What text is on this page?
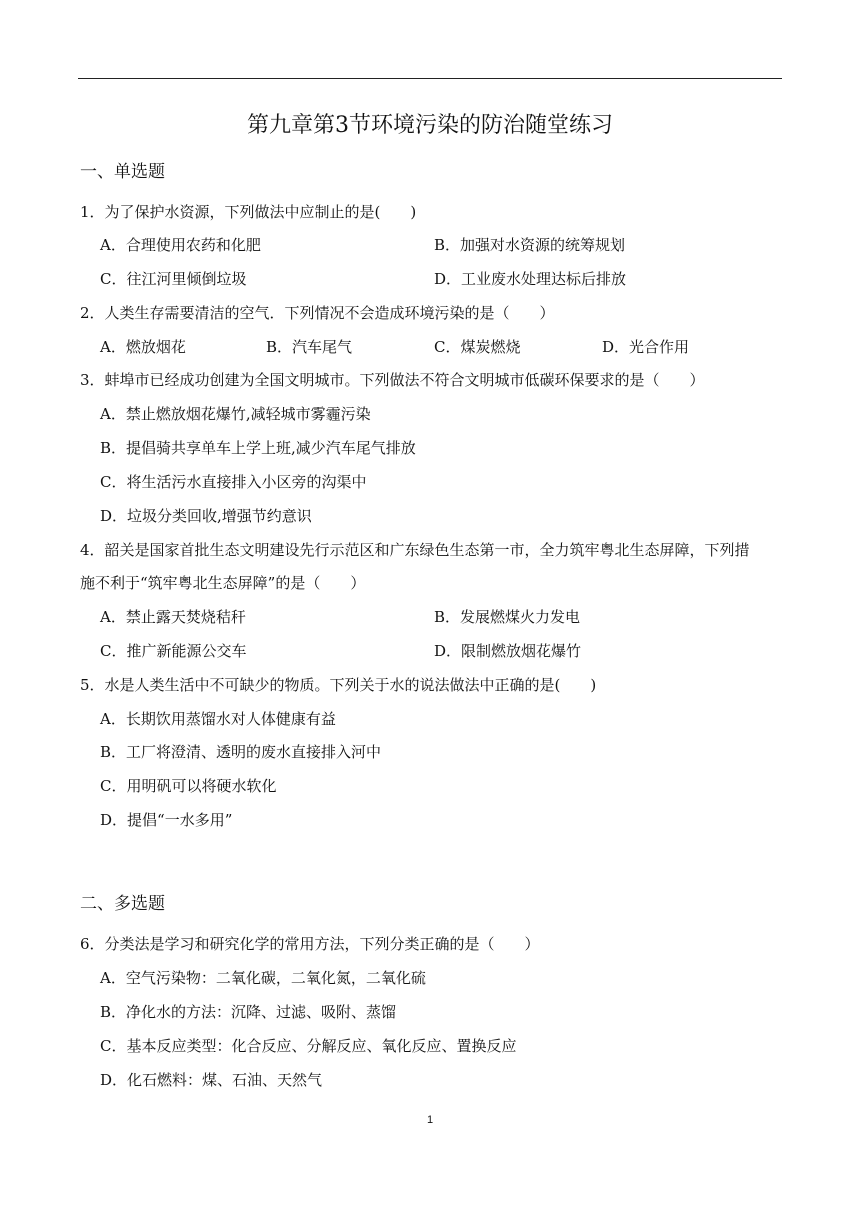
第九章第3节环境污染的防治随堂练习
一、单选题
1．为了保护水资源，下列做法中应制止的是(　　)
A．合理使用农药和化肥	B．加强对水资源的统筹规划
C．往江河里倾倒垃圾	D．工业废水处理达标后排放
2．人类生存需要清洁的空气．下列情况不会造成环境污染的是（　　）
A．燃放烟花	B．汽车尾气	C．煤炭燃烧	D．光合作用
3．蚌埠市已经成功创建为全国文明城市。下列做法不符合文明城市低碳环保要求的是（　　）
A．禁止燃放烟花爆竹,减轻城市雾霾污染
B．提倡骑共享单车上学上班,减少汽车尾气排放
C．将生活污水直接排入小区旁的沟渠中
D．垃圾分类回收,增强节约意识
4．韶关是国家首批生态文明建设先行示范区和广东绿色生态第一市，全力筑牢粤北生态屏障，下列措
施不利于“筑牢粤北生态屏障”的是（　　）
A．禁止露天焚烧秸秆	B．发展燃煤火力发电
C．推广新能源公交车	D．限制燃放烟花爆竹
5．水是人类生活中不可缺少的物质。下列关于水的说法做法中正确的是(　　)
A．长期饮用蒸馏水对人体健康有益
B．工厂将澄清、透明的废水直接排入河中
C．用明矾可以将硬水软化
D．提倡“一水多用”
二、多选题
6．分类法是学习和研究化学的常用方法，下列分类正确的是（　　）
A．空气污染物：二氧化碳，二氧化氮，二氧化硫
B．净化水的方法：沉降、过滤、吸附、蒸馏
C．基本反应类型：化合反应、分解反应、氧化反应、置换反应
D．化石燃料：煤、石油、天然气
1
